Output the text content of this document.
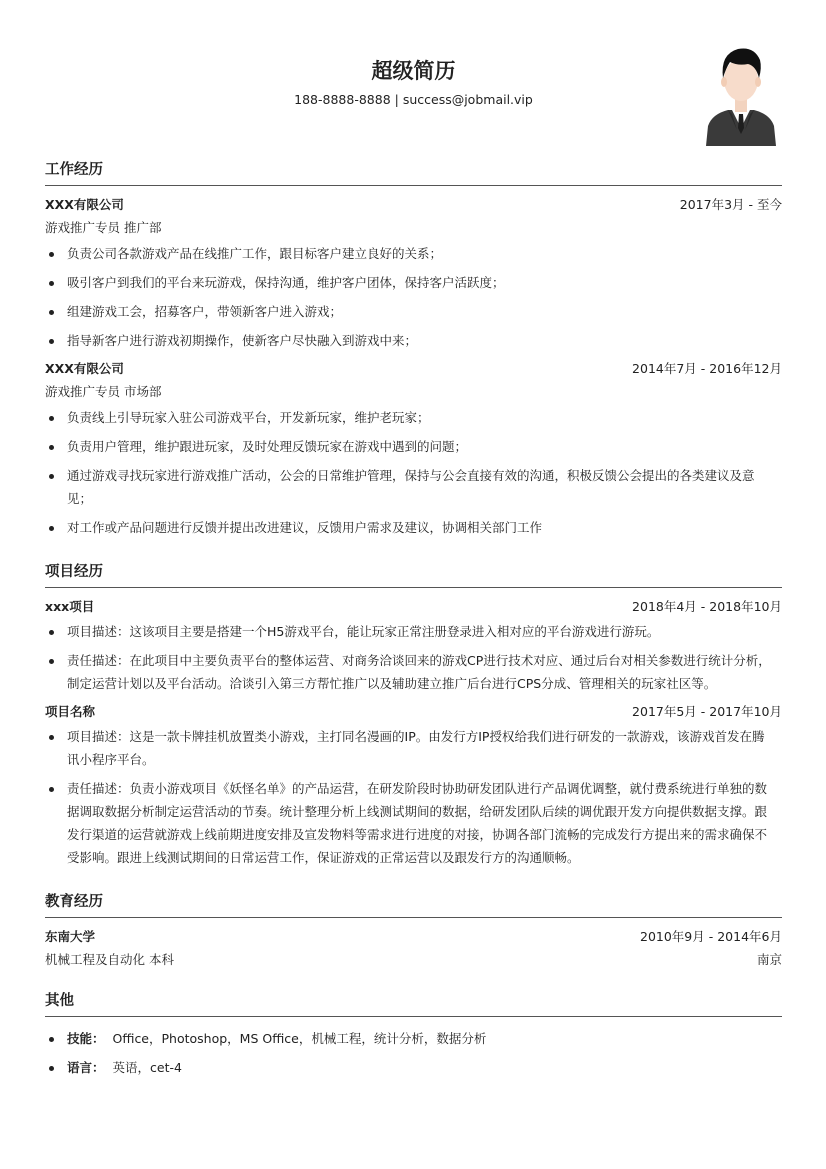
超级简历
188-8888-8888 | success@jobmail.vip
工作经历
XXX有限公司	2017年3月 - 至今
游戏推广专员 推广部
负责公司各款游戏产品在线推广工作，跟目标客户建立良好的关系；
吸引客户到我们的平台来玩游戏，保持沟通，维护客户团体，保持客户活跃度；
组建游戏工会，招募客户，带领新客户进入游戏；
指导新客户进行游戏初期操作，使新客户尽快融入到游戏中来；
XXX有限公司	2014年7月 - 2016年12月
游戏推广专员 市场部
负责线上引导玩家入驻公司游戏平台，开发新玩家，维护老玩家；
负责用户管理，维护跟进玩家，及时处理反馈玩家在游戏中遇到的问题；
通过游戏寻找玩家进行游戏推广活动，公会的日常维护管理，保持与公会直接有效的沟通，积极反馈公会提出的各类建议及意见；
对工作或产品问题进行反馈并提出改进建议，反馈用户需求及建议，协调相关部门工作
项目经历
xxx项目	2018年4月 - 2018年10月
项目描述：这该项目主要是搭建一个H5游戏平台，能让玩家正常注册登录进入相对应的平台游戏进行游玩。
责任描述：在此项目中主要负责平台的整体运营、对商务洽谈回来的游戏CP进行技术对应、通过后台对相关参数进行统计分析，制定运营计划以及平台活动。洽谈引入第三方帮忙推广以及辅助建立推广后台进行CPS分成、管理相关的玩家社区等。
项目名称	2017年5月 - 2017年10月
项目描述：这是一款卡牌挂机放置类小游戏，主打同名漫画的IP。由发行方IP授权给我们进行研发的一款游戏，该游戏首发在腾讯小程序平台。
责任描述：负责小游戏项目《妖怪名单》的产品运营，在研发阶段时协助研发团队进行产品调优调整，就付费系统进行单独的数据调取数据分析制定运营活动的节奏。统计整理分析上线测试期间的数据，给研发团队后续的调优跟开发方向提供数据支撑。跟发行渠道的运营就游戏上线前期进度安排及宣发物料等需求进行进度的对接，协调各部门流畅的完成发行方提出来的需求确保不受影响。跟进上线测试期间的日常运营工作，保证游戏的正常运营以及跟发行方的沟通顺畅。
教育经历
东南大学	2010年9月 - 2014年6月
机械工程及自动化 本科	南京
其他
技能： Office，Photoshop，MS Office，机械工程，统计分析，数据分析
语言： 英语，cet-4
